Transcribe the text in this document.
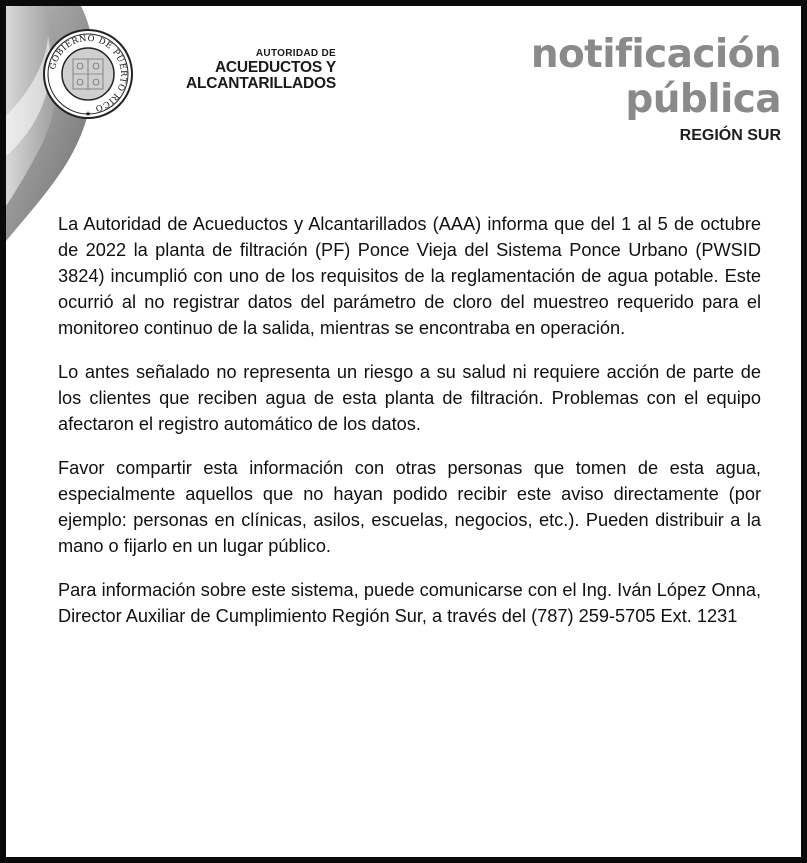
GOBIERNO DE PUERTO RICO
★
AUTORIDAD DE
ACUEDUCTOS Y
ALCANTARILLADOS
notificación
pública
REGIÓN SUR

La Autoridad de Acueductos y Alcantarillados (AAA) informa que del 1 al 5 de octubre de 2022 la planta de filtración (PF) Ponce Vieja del Sistema Ponce Urbano (PWSID 3824) incumplió con uno de los requisitos de la reglamentación de agua potable. Este ocurrió al no registrar datos del parámetro de cloro del muestreo requerido para el monitoreo continuo de la salida, mientras se encontraba en operación.

Lo antes señalado no representa un riesgo a su salud ni requiere acción de parte de los clientes que reciben agua de esta planta de filtración. Problemas con el equipo afectaron el registro automático de los datos.

Favor compartir esta información con otras personas que tomen de esta agua, especialmente aquellos que no hayan podido recibir este aviso directamente (por ejemplo: personas en clínicas, asilos, escuelas, negocios, etc.). Pueden distribuir a la mano o fijarlo en un lugar público.

Para información sobre este sistema, puede comunicarse con el Ing. Iván López Onna, Director Auxiliar de Cumplimiento Región Sur, a través del (787) 259-5705 Ext. 1231
